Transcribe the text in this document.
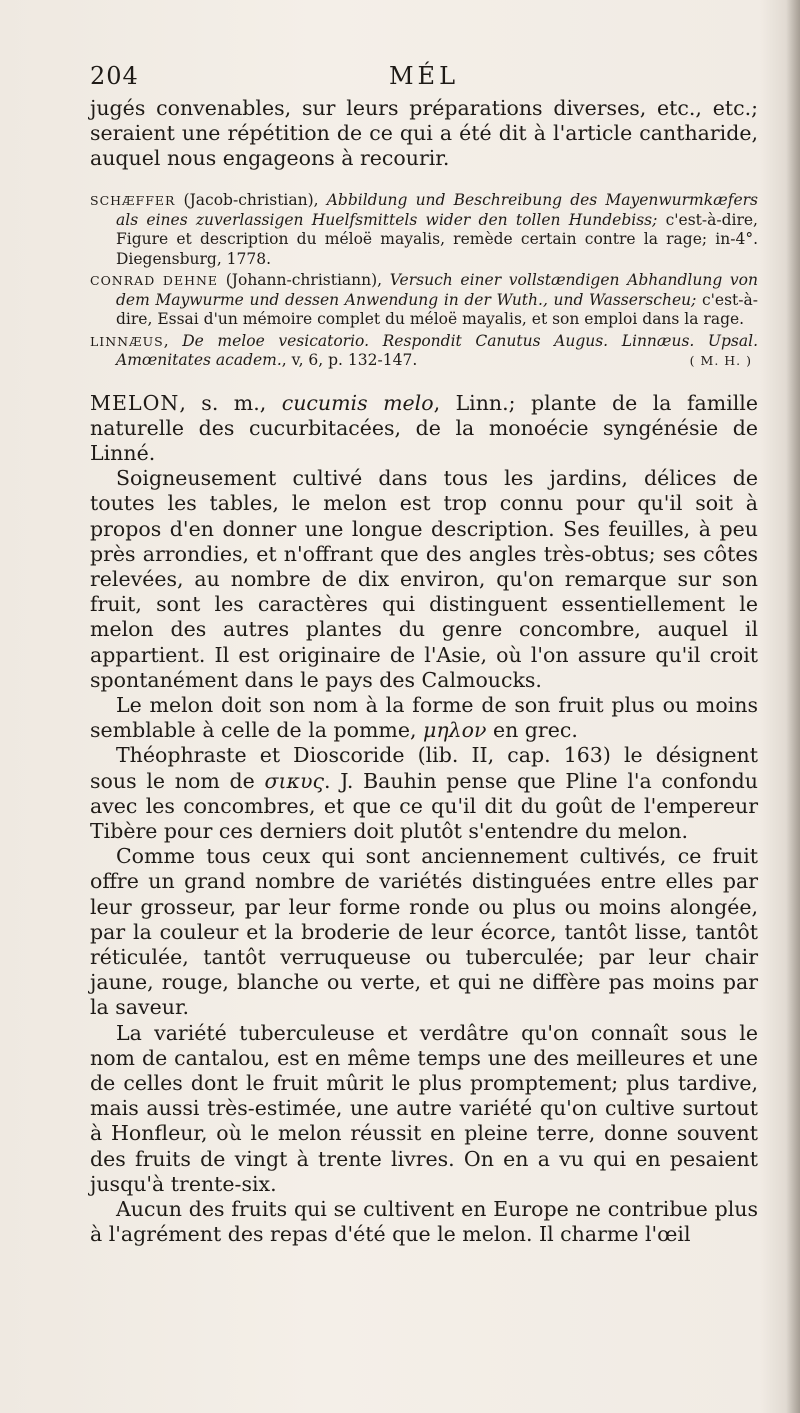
204	MÉL

jugés convenables, sur leurs préparations diverses, etc., etc.; seraient une répétition de ce qui a été dit à l'article cantharide, auquel nous engageons à recourir.

SCHÆFFER (Jacob-christian), Abbildung und Beschreibung des Mayenwurmkæfers als eines zuverlassigen Huelfsmittels wider den tollen Hundebiss; c'est-à-dire, Figure et description du méloë mayalis, remède certain contre la rage; in-4°. Diegensburg, 1778.

CONRAD DEHNE (Johann-christiann), Versuch einer vollstændigen Abhandlung von dem Maywurme und dessen Anwendung in der Wuth., und Wasserscheu; c'est-à-dire, Essai d'un mémoire complet du méloë mayalis, et son emploi dans la rage.

LINNÆUS, De meloe vesicatorio. Respondit Canutus Augus. Linnæus. Upsal. Amœnitates academ., v, 6, p. 132-147.	( M. H. )

MELON, s. m., cucumis melo, Linn.; plante de la famille naturelle des cucurbitacées, de la monoécie syngénésie de Linné.

Soigneusement cultivé dans tous les jardins, délices de toutes les tables, le melon est trop connu pour qu'il soit à propos d'en donner une longue description. Ses feuilles, à peu près arrondies, et n'offrant que des angles très-obtus; ses côtes relevées, au nombre de dix environ, qu'on remarque sur son fruit, sont les caractères qui distinguent essentiellement le melon des autres plantes du genre concombre, auquel il appartient. Il est originaire de l'Asie, où l'on assure qu'il croit spontanément dans le pays des Calmoucks.

Le melon doit son nom à la forme de son fruit plus ou moins semblable à celle de la pomme, μηλον en grec.

Théophraste et Dioscoride (lib. II, cap. 163) le désignent sous le nom de σικυς. J. Bauhin pense que Pline l'a confondu avec les concombres, et que ce qu'il dit du goût de l'empereur Tibère pour ces derniers doit plutôt s'entendre du melon.

Comme tous ceux qui sont anciennement cultivés, ce fruit offre un grand nombre de variétés distinguées entre elles par leur grosseur, par leur forme ronde ou plus ou moins alongée, par la couleur et la broderie de leur écorce, tantôt lisse, tantôt réticulée, tantôt verruqueuse ou tuberculée; par leur chair jaune, rouge, blanche ou verte, et qui ne diffère pas moins par la saveur.

La variété tuberculeuse et verdâtre qu'on connaît sous le nom de cantalou, est en même temps une des meilleures et une de celles dont le fruit mûrit le plus promptement; plus tardive, mais aussi très-estimée, une autre variété qu'on cultive surtout à Honfleur, où le melon réussit en pleine terre, donne souvent des fruits de vingt à trente livres. On en a vu qui en pesaient jusqu'à trente-six.

Aucun des fruits qui se cultivent en Europe ne contribue plus à l'agrément des repas d'été que le melon. Il charme l'œil
